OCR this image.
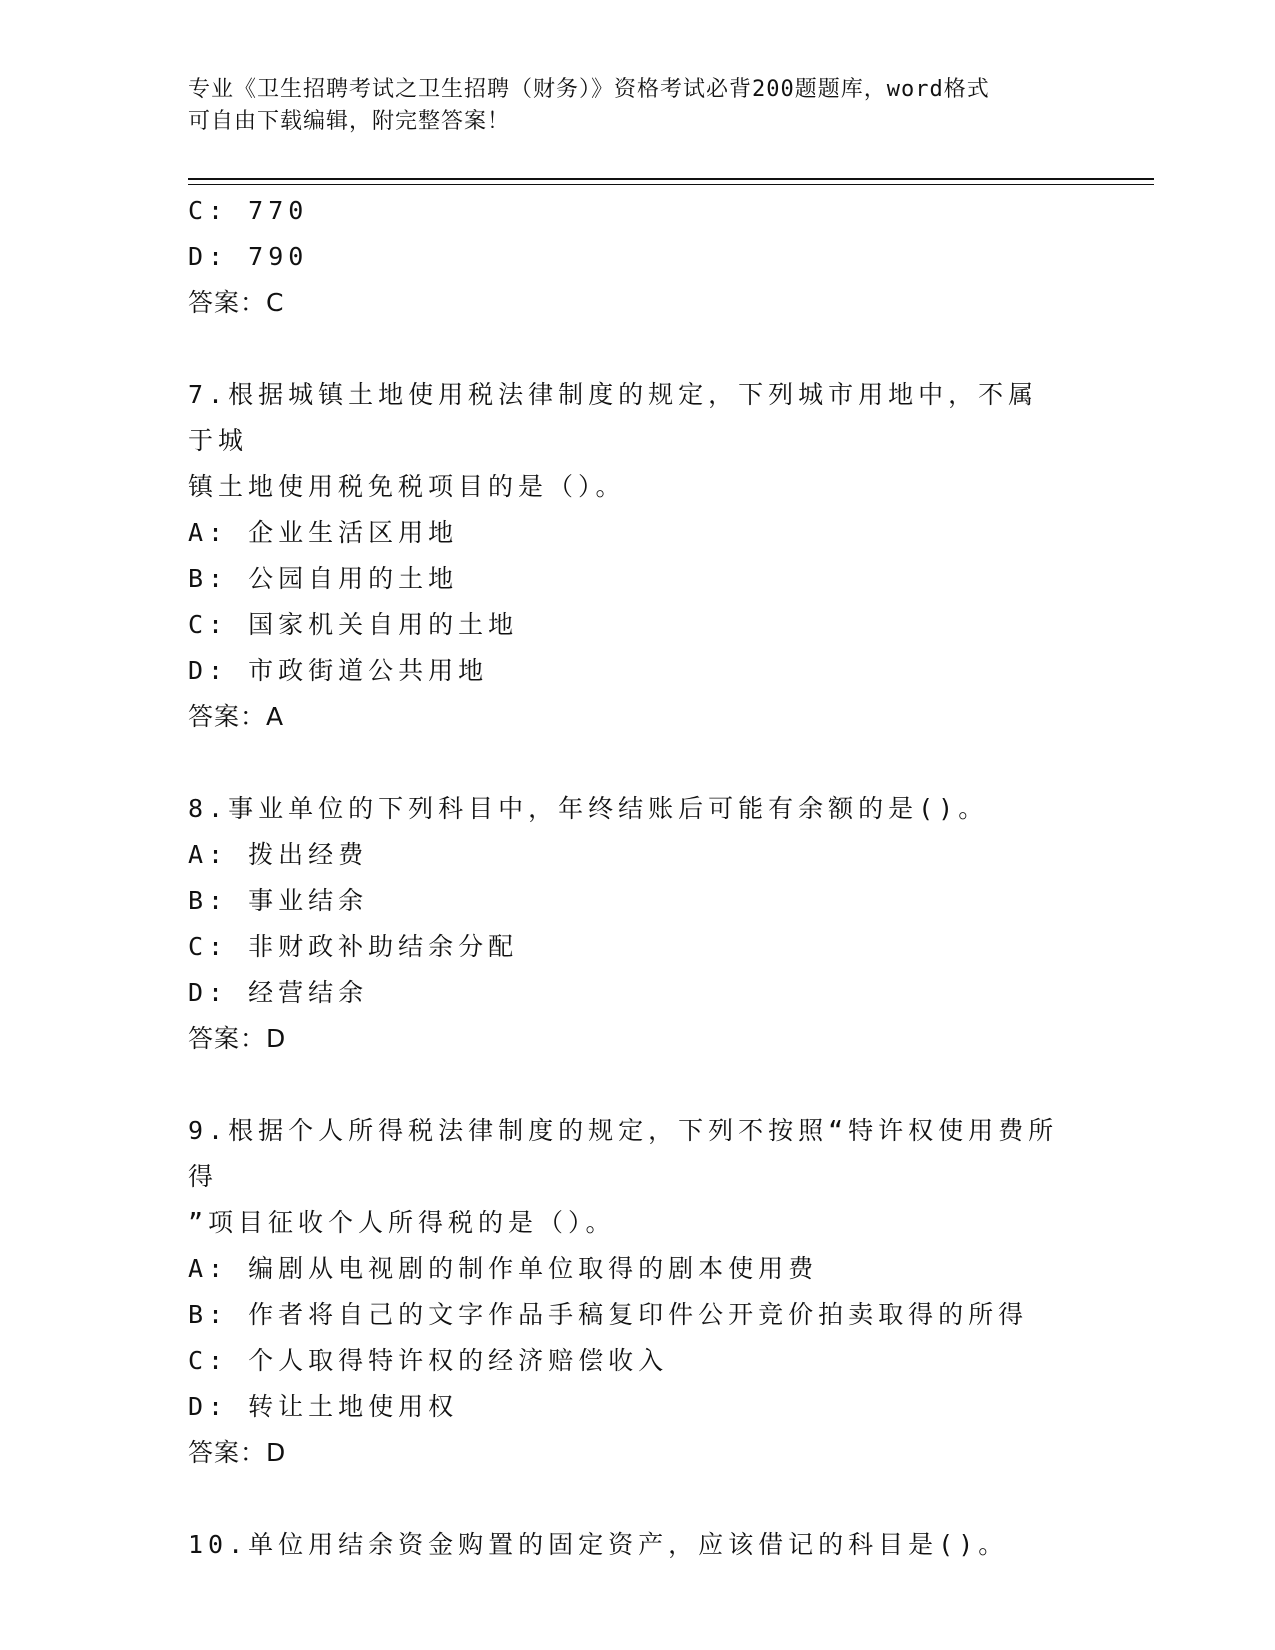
专业《卫生招聘考试之卫生招聘（财务）》资格考试必背200题题库，word格式
可自由下载编辑，附完整答案！
C: 770
D: 790
答案：C
7.根据城镇土地使用税法律制度的规定，下列城市用地中，不属于城
镇土地使用税免税项目的是（）。
A: 企业生活区用地
B: 公园自用的土地
C: 国家机关自用的土地
D: 市政街道公共用地
答案：A
8.事业单位的下列科目中，年终结账后可能有余额的是()。
A: 拨出经费
B: 事业结余
C: 非财政补助结余分配
D: 经营结余
答案：D
9.根据个人所得税法律制度的规定，下列不按照“特许权使用费所得
”项目征收个人所得税的是（）。
A: 编剧从电视剧的制作单位取得的剧本使用费
B: 作者将自己的文字作品手稿复印件公开竞价拍卖取得的所得
C: 个人取得特许权的经济赔偿收入
D: 转让土地使用权
答案：D
10.单位用结余资金购置的固定资产，应该借记的科目是()。
